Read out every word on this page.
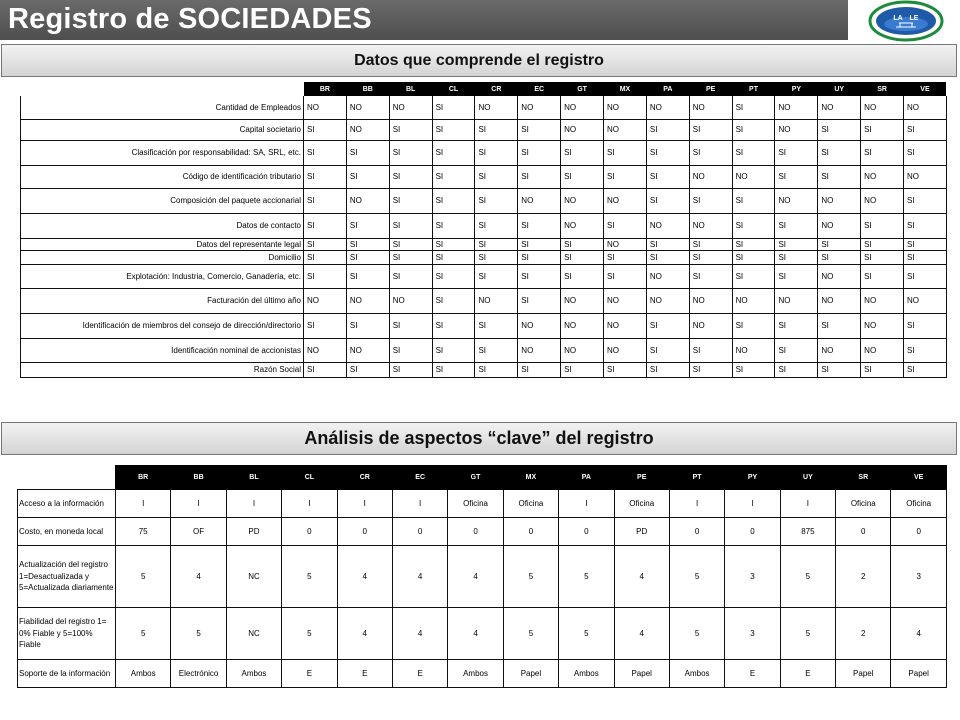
Registro de SOCIEDADES	LA LE
Datos que comprende el registro
	BR	BB	BL	CL	CR	EC	GT	MX	PA	PE	PT	PY	UY	SR	VE
Cantidad de Empleados	NO	NO	NO	SI	NO	NO	NO	NO	NO	NO	SI	NO	NO	NO	NO
Capital societario	SI	NO	SI	SI	SI	SI	NO	NO	SI	SI	SI	NO	SI	SI	SI
Clasificación por responsabilidad: SA, SRL, etc.	SI	SI	SI	SI	SI	SI	SI	SI	SI	SI	SI	SI	SI	SI	SI
Código de identificación tributario	SI	SI	SI	SI	SI	SI	SI	SI	SI	NO	NO	SI	SI	NO	NO
Composición del paquete accionarial	SI	NO	SI	SI	SI	NO	NO	NO	SI	SI	SI	NO	NO	NO	SI
Datos de contacto	SI	SI	SI	SI	SI	SI	NO	SI	NO	NO	SI	SI	NO	SI	SI
Datos del representante legal	SI	SI	SI	SI	SI	SI	SI	NO	SI	SI	SI	SI	SI	SI	SI
Domicilio	SI	SI	SI	SI	SI	SI	SI	SI	SI	SI	SI	SI	SI	SI	SI
Explotación: Industria, Comercio, Ganadería, etc.	SI	SI	SI	SI	SI	SI	SI	SI	NO	SI	SI	SI	NO	SI	SI
Facturación del último año	NO	NO	NO	SI	NO	SI	NO	NO	NO	NO	NO	NO	NO	NO	NO
Identificación de miembros del consejo de dirección/directorio	SI	SI	SI	SI	SI	NO	NO	NO	SI	NO	SI	SI	SI	NO	SI
Identificación nominal de accionistas	NO	NO	SI	SI	SI	NO	NO	NO	SI	SI	NO	SI	NO	NO	SI
Razón Social	SI	SI	SI	SI	SI	SI	SI	SI	SI	SI	SI	SI	SI	SI	SI
Análisis de aspectos “clave” del registro
	BR	BB	BL	CL	CR	EC	GT	MX	PA	PE	PT	PY	UY	SR	VE
Acceso a la información	I	I	I	I	I	I	Oficina	Oficina	I	Oficina	I	I	I	Oficina	Oficina
Costo, en moneda local	75	OF	PD	0	0	0	0	0	0	PD	0	0	875	0	0
Actualización del registro 1=Desactualizada y 5=Actualizada diariamente	5	4	NC	5	4	4	4	5	5	4	5	3	5	2	3
Fiabilidad del registro 1= 0% Fiable y 5=100% Fiable	5	5	NC	5	4	4	4	5	5	4	5	3	5	2	4
Soporte de la información	Ambos	Electrónico	Ambos	E	E	E	Ambos	Papel	Ambos	Papel	Ambos	E	E	Papel	Papel
